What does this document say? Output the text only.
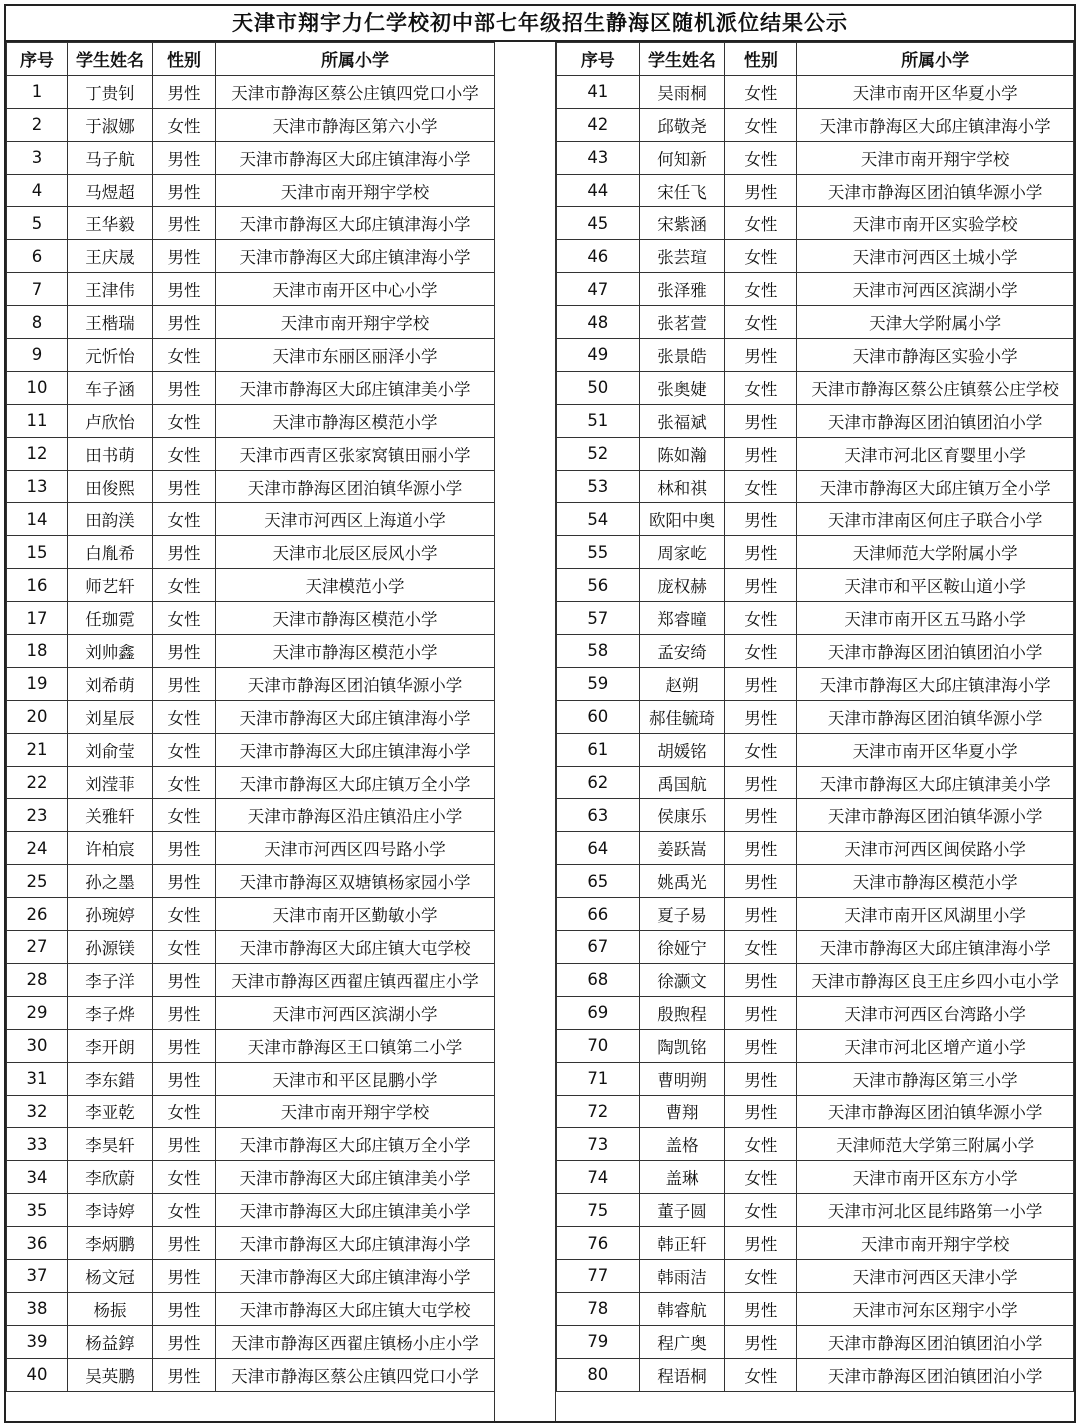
天津市翔宇力仁学校初中部七年级招生静海区随机派位结果公示
序号	学生姓名	性别	所属小学
1	丁贵钊	男性	天津市静海区蔡公庄镇四党口小学
2	于淑娜	女性	天津市静海区第六小学
3	马子航	男性	天津市静海区大邱庄镇津海小学
4	马煜超	男性	天津市南开翔宇学校
5	王华毅	男性	天津市静海区大邱庄镇津海小学
6	王庆晟	男性	天津市静海区大邱庄镇津海小学
7	王津伟	男性	天津市南开区中心小学
8	王楷瑞	男性	天津市南开翔宇学校
9	元忻怡	女性	天津市东丽区丽泽小学
10	车子涵	男性	天津市静海区大邱庄镇津美小学
11	卢欣怡	女性	天津市静海区模范小学
12	田书萌	女性	天津市西青区张家窝镇田丽小学
13	田俊熙	男性	天津市静海区团泊镇华源小学
14	田韵渼	女性	天津市河西区上海道小学
15	白胤希	男性	天津市北辰区辰风小学
16	师艺轩	女性	天津模范小学
17	任珈霓	女性	天津市静海区模范小学
18	刘帅鑫	男性	天津市静海区模范小学
19	刘希萌	男性	天津市静海区团泊镇华源小学
20	刘星辰	女性	天津市静海区大邱庄镇津海小学
21	刘俞莹	女性	天津市静海区大邱庄镇津海小学
22	刘滢菲	女性	天津市静海区大邱庄镇万全小学
23	关雅轩	女性	天津市静海区沿庄镇沿庄小学
24	许柏宸	男性	天津市河西区四号路小学
25	孙之墨	男性	天津市静海区双塘镇杨家园小学
26	孙琬婷	女性	天津市南开区勤敏小学
27	孙源镁	女性	天津市静海区大邱庄镇大屯学校
28	李子洋	男性	天津市静海区西翟庄镇西翟庄小学
29	李子烨	男性	天津市河西区滨湖小学
30	李开朗	男性	天津市静海区王口镇第二小学
31	李东錯	男性	天津市和平区昆鹏小学
32	李亚乾	女性	天津市南开翔宇学校
33	李昊轩	男性	天津市静海区大邱庄镇万全小学
34	李欣蔚	女性	天津市静海区大邱庄镇津美小学
35	李诗婷	女性	天津市静海区大邱庄镇津美小学
36	李炳鹏	男性	天津市静海区大邱庄镇津海小学
37	杨文冠	男性	天津市静海区大邱庄镇津海小学
38	杨振	男性	天津市静海区大邱庄镇大屯学校
39	杨益錞	男性	天津市静海区西翟庄镇杨小庄小学
40	吴英鹏	男性	天津市静海区蔡公庄镇四党口小学
序号	学生姓名	性别	所属小学
41	吴雨桐	女性	天津市南开区华夏小学
42	邱敬尧	女性	天津市静海区大邱庄镇津海小学
43	何知新	女性	天津市南开翔宇学校
44	宋任飞	男性	天津市静海区团泊镇华源小学
45	宋紫涵	女性	天津市南开区实验学校
46	张芸瑄	女性	天津市河西区土城小学
47	张泽雅	女性	天津市河西区滨湖小学
48	张茗萱	女性	天津大学附属小学
49	张景皓	男性	天津市静海区实验小学
50	张奥婕	女性	天津市静海区蔡公庄镇蔡公庄学校
51	张福斌	男性	天津市静海区团泊镇团泊小学
52	陈如瀚	男性	天津市河北区育婴里小学
53	林和祺	女性	天津市静海区大邱庄镇万全小学
54	欧阳中奥	男性	天津市津南区何庄子联合小学
55	周家屹	男性	天津师范大学附属小学
56	庞权赫	男性	天津市和平区鞍山道小学
57	郑睿曈	女性	天津市南开区五马路小学
58	孟安绮	女性	天津市静海区团泊镇团泊小学
59	赵朔	男性	天津市静海区大邱庄镇津海小学
60	郝佳毓琦	男性	天津市静海区团泊镇华源小学
61	胡媛铭	女性	天津市南开区华夏小学
62	禹国航	男性	天津市静海区大邱庄镇津美小学
63	侯康乐	男性	天津市静海区团泊镇华源小学
64	姜跃嵩	男性	天津市河西区闽侯路小学
65	姚禹光	男性	天津市静海区模范小学
66	夏子易	男性	天津市南开区风湖里小学
67	徐娅宁	女性	天津市静海区大邱庄镇津海小学
68	徐灏文	男性	天津市静海区良王庄乡四小屯小学
69	殷煦程	男性	天津市河西区台湾路小学
70	陶凯铭	男性	天津市河北区增产道小学
71	曹明朔	男性	天津市静海区第三小学
72	曹翔	男性	天津市静海区团泊镇华源小学
73	盖格	女性	天津师范大学第三附属小学
74	盖琳	女性	天津市南开区东方小学
75	董子圆	女性	天津市河北区昆纬路第一小学
76	韩正轩	男性	天津市南开翔宇学校
77	韩雨洁	女性	天津市河西区天津小学
78	韩睿航	男性	天津市河东区翔宇小学
79	程广奥	男性	天津市静海区团泊镇团泊小学
80	程语桐	女性	天津市静海区团泊镇团泊小学
